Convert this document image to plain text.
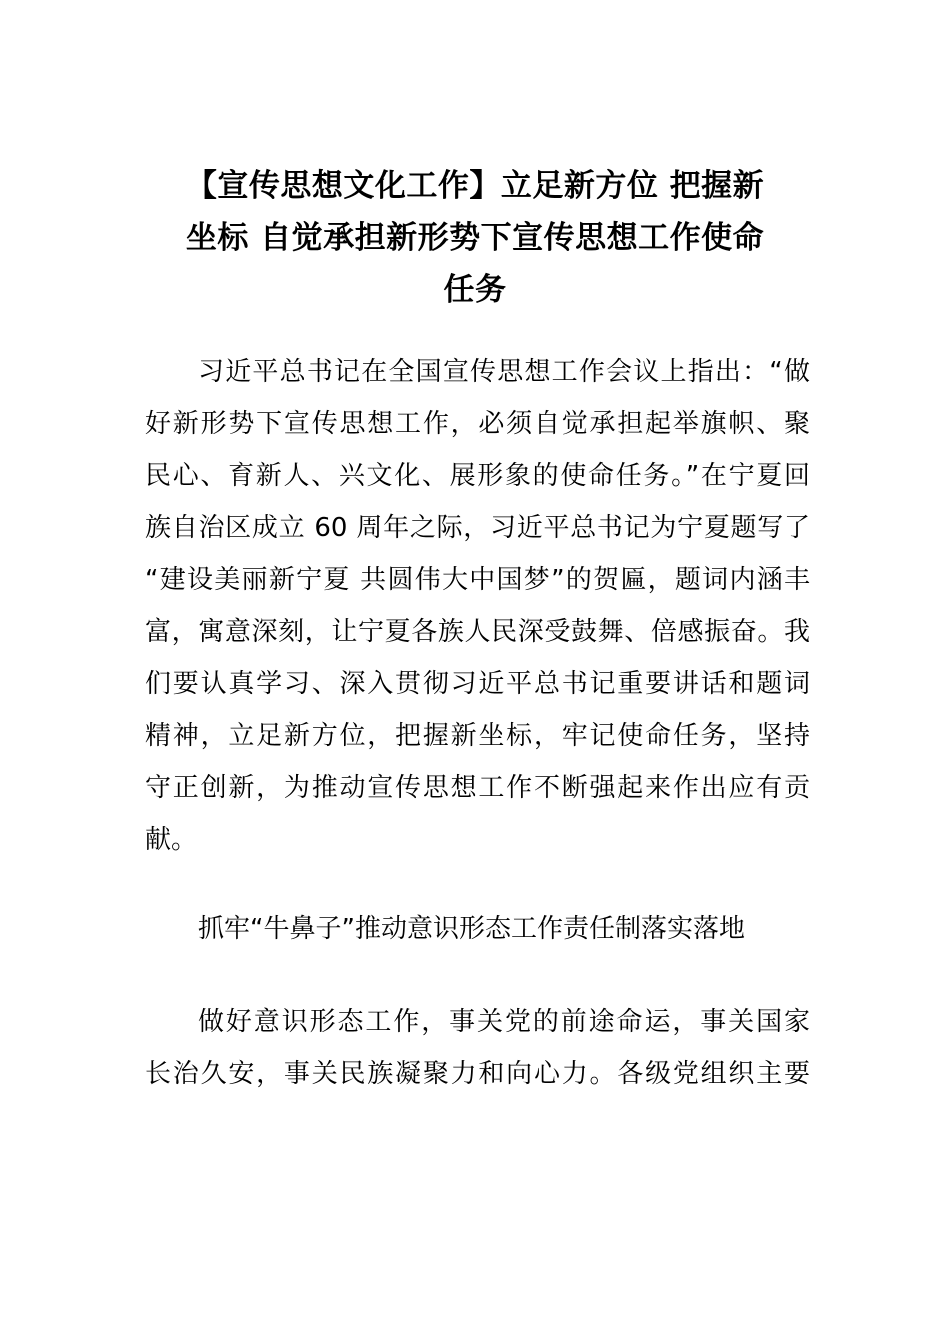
【宣传思想文化工作】立足新方位 把握新
坐标 自觉承担新形势下宣传思想工作使命
任务
习近平总书记在全国宣传思想工作会议上指出：“做
好新形势下宣传思想工作，必须自觉承担起举旗帜、聚
民心、育新人、兴文化、展形象的使命任务。”在宁夏回
族自治区成立 60 周年之际，习近平总书记为宁夏题写了
“建设美丽新宁夏 共圆伟大中国梦”的贺匾，题词内涵丰
富，寓意深刻，让宁夏各族人民深受鼓舞、倍感振奋。我
们要认真学习、深入贯彻习近平总书记重要讲话和题词
精神，立足新方位，把握新坐标，牢记使命任务，坚持
守正创新，为推动宣传思想工作不断强起来作出应有贡
献。
抓牢“牛鼻子”推动意识形态工作责任制落实落地
做好意识形态工作，事关党的前途命运，事关国家
长治久安，事关民族凝聚力和向心力。各级党组织主要
